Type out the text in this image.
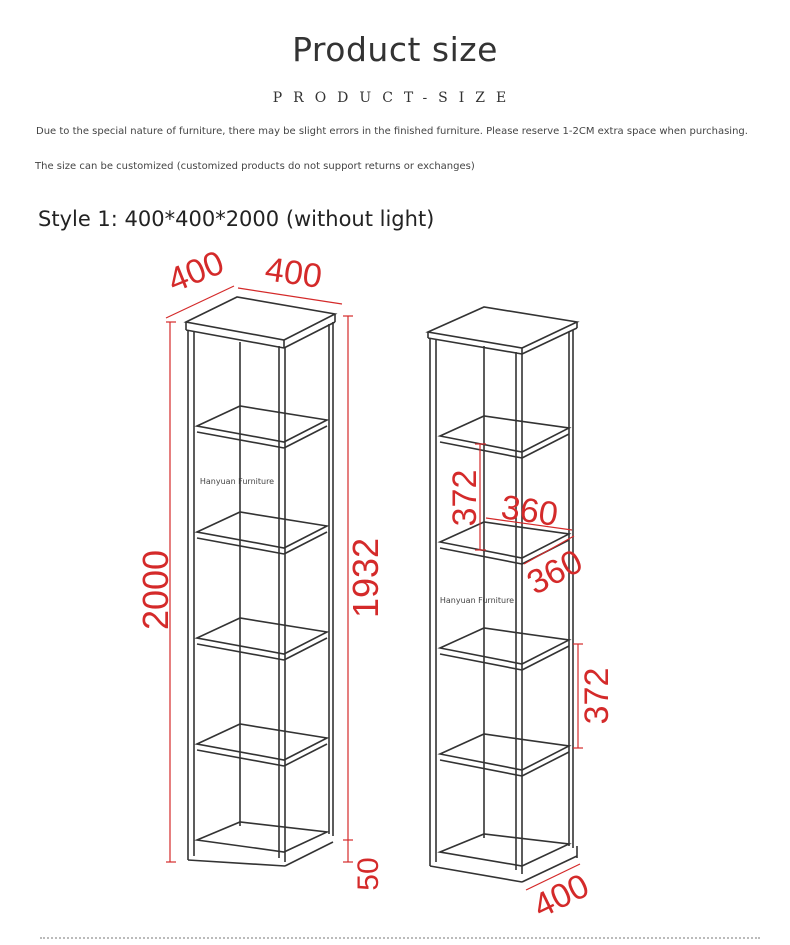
Product size
PRODUCT-SIZE
Due to the special nature of furniture, there may be slight errors in the finished furniture. Please reserve 1-2CM extra space when purchasing.
The size can be customized (customized products do not support returns or exchanges)
Style 1: 400*400*2000 (without light)
Hanyuan Furniture
400 400
2000	1932
50
Hanyuan Furniture
372 360
360
372
400
